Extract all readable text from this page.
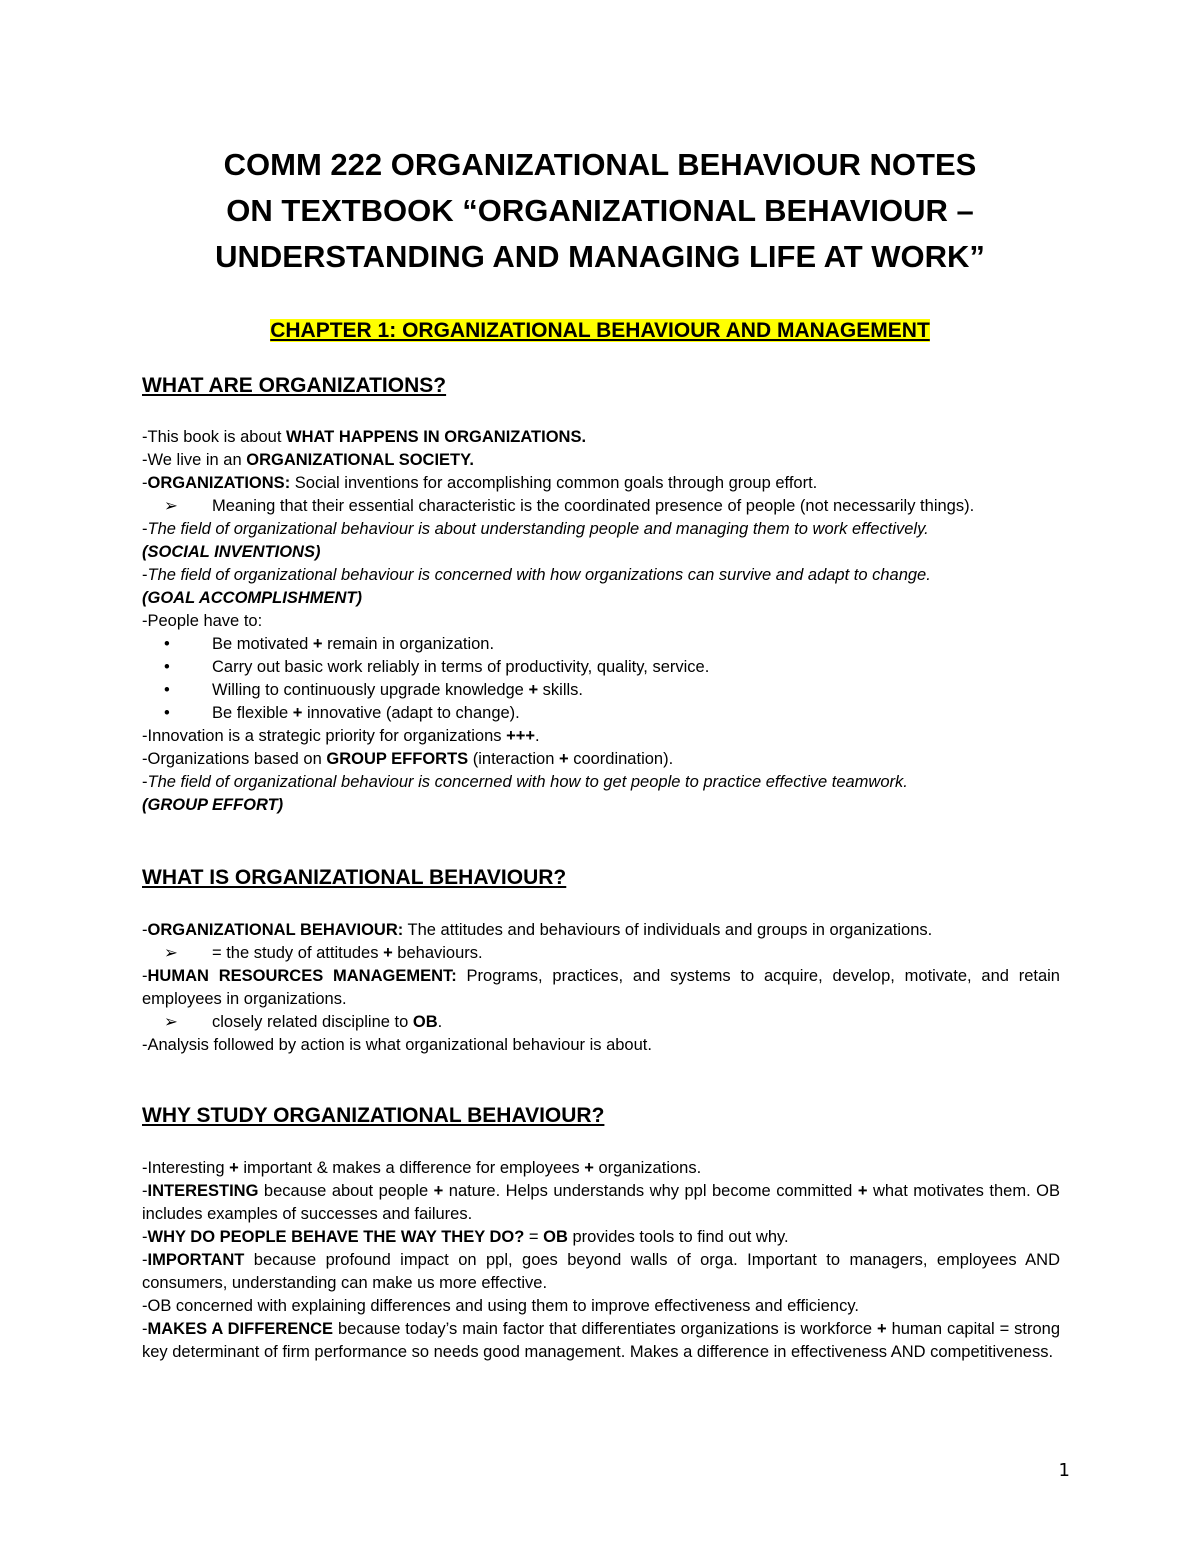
COMM 222 ORGANIZATIONAL BEHAVIOUR NOTES
ON TEXTBOOK “ORGANIZATIONAL BEHAVIOUR –
UNDERSTANDING AND MANAGING LIFE AT WORK”
CHAPTER 1: ORGANIZATIONAL BEHAVIOUR AND MANAGEMENT
WHAT ARE ORGANIZATIONS?

-This book is about WHAT HAPPENS IN ORGANIZATIONS.

-We live in an ORGANIZATIONAL SOCIETY.

-ORGANIZATIONS: Social inventions for accomplishing common goals through group effort.

➢ Meaning that their essential characteristic is the coordinated presence of people (not necessarily things).

-The field of organizational behaviour is about understanding people and managing them to work effectively.

(SOCIAL INVENTIONS)

-The field of organizational behaviour is concerned with how organizations can survive and adapt to change.

(GOAL ACCOMPLISHMENT)

-People have to:

•	Be motivated + remain in organization.

•	Carry out basic work reliably in terms of productivity, quality, service.

•	Willing to continuously upgrade knowledge + skills.

•	Be flexible + innovative (adapt to change).

-Innovation is a strategic priority for organizations +++.

-Organizations based on GROUP EFFORTS (interaction + coordination).

-The field of organizational behaviour is concerned with how to get people to practice effective teamwork.

(GROUP EFFORT)

WHAT IS ORGANIZATIONAL BEHAVIOUR?

-ORGANIZATIONAL BEHAVIOUR: The attitudes and behaviours of individuals and groups in organizations.

➢ = the study of attitudes + behaviours.

-HUMAN RESOURCES MANAGEMENT: Programs, practices, and systems to acquire, develop, motivate, and retain employees in organizations.

➢ closely related discipline to OB.

-Analysis followed by action is what organizational behaviour is about.

WHY STUDY ORGANIZATIONAL BEHAVIOUR?

-Interesting + important & makes a difference for employees + organizations.

-INTERESTING because about people + nature. Helps understands why ppl become committed + what motivates them. OB includes examples of successes and failures.

-WHY DO PEOPLE BEHAVE THE WAY THEY DO? = OB provides tools to find out why.

-IMPORTANT because profound impact on ppl, goes beyond walls of orga. Important to managers, employees AND consumers, understanding can make us more effective.

-OB concerned with explaining differences and using them to improve effectiveness and efficiency.

-MAKES A DIFFERENCE because today’s main factor that differentiates organizations is workforce + human capital = strong key determinant of firm performance so needs good management. Makes a difference in effectiveness AND competitiveness.

1
